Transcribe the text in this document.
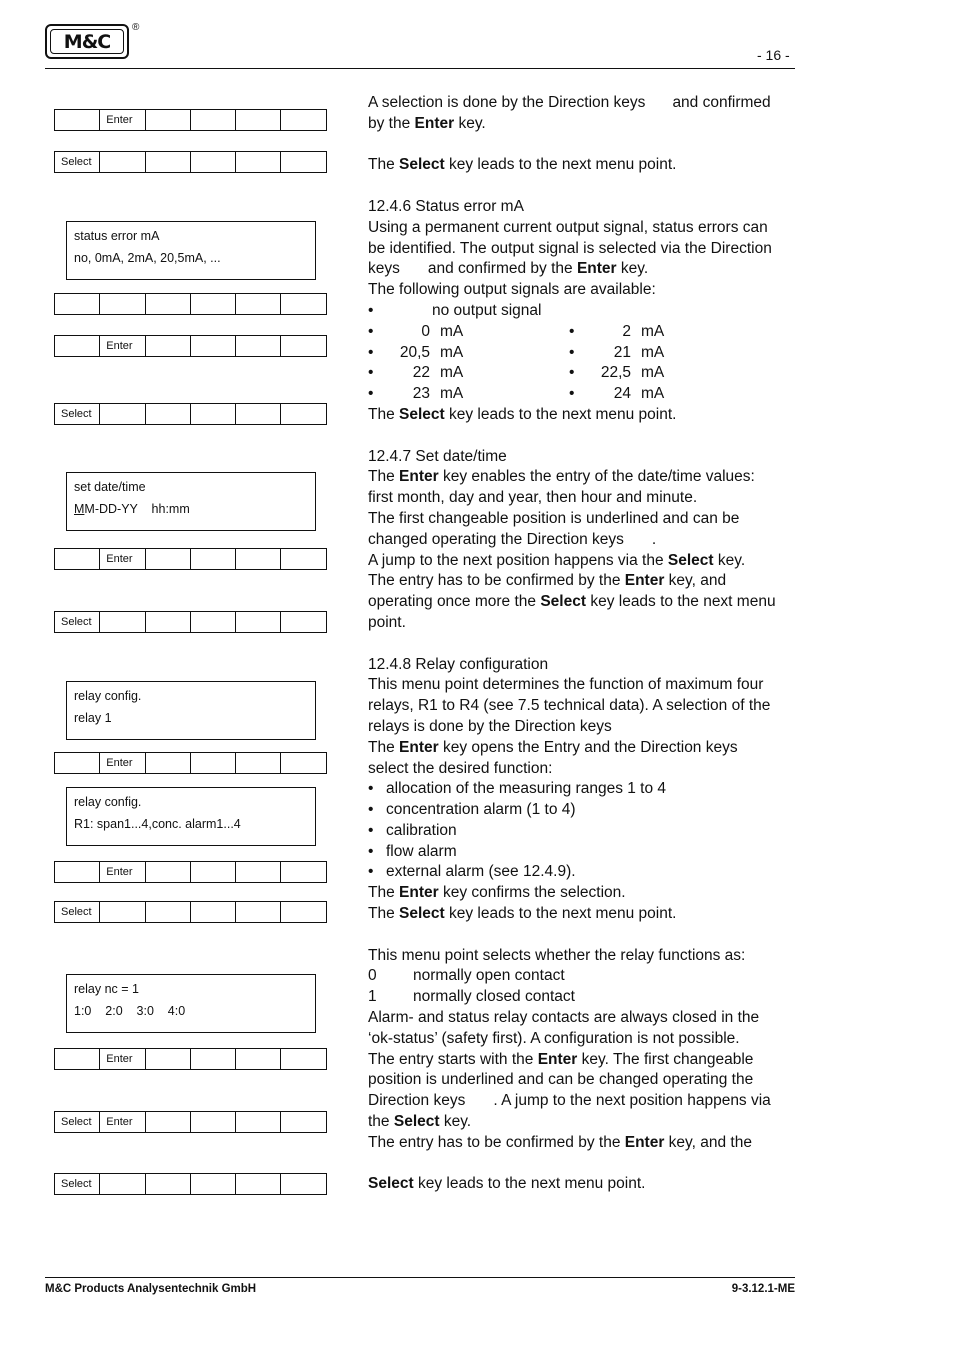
M&C
®
- 16 -
Enter
Select
status error mA
no, 0mA, 2mA, 20,5mA, ...
Enter
Select
set date/time
MM-DD-YY    hh:mm
Enter
Select
relay config.
relay 1
Enter
relay config.
R1: span1...4,conc. alarm1...4
Enter
Select
relay nc = 1
1:0    2:0    3:0    4:0
Enter
Select	Enter
Select

A selection is done by the Direction keys and confirmed

by the Enter key.

The Select key leads to the next menu point.

12.4.6 Status error mA

Using a permanent current output signal, status errors can

be identified. The output signal is selected via the Direction

keys and confirmed by the Enter key.

The following output signals are available:

•	no output signal
•	0 mA	•	2 mA
•	20,5 mA	•	21 mA
•	22 mA	•	22,5 mA
•	23 mA	•	24 mA

The Select key leads to the next menu point.

12.4.7 Set date/time

The Enter key enables the entry of the date/time values:

first month, day and year, then hour and minute.

The first changeable position is underlined and can be

changed operating the Direction keys .

A jump to the next position happens via the Select key.

The entry has to be confirmed by the Enter key, and

operating once more the Select key leads to the next menu

point.

12.4.8 Relay configuration

This menu point determines the function of maximum four

relays, R1 to R4 (see 7.5 technical data). A selection of the

relays is done by the Direction keys

The Enter key opens the Entry and the Direction keys

select the desired function:

• allocation of the measuring ranges 1 to 4
• concentration alarm (1 to 4)
• calibration
• flow alarm
• external alarm (see 12.4.9).

The Enter key confirms the selection.

The Select key leads to the next menu point.

This menu point selects whether the relay functions as:

0	normally open contact
1	normally closed contact

Alarm- and status relay contacts are always closed in the

‘ok-status’ (safety first). A configuration is not possible.

The entry starts with the Enter key. The first changeable

position is underlined and can be changed operating the

Direction keys . A jump to the next position happens via

the Select key.

The entry has to be confirmed by the Enter key, and the

Select key leads to the next menu point.

M&C Products Analysentechnik GmbH	9-3.12.1-ME
